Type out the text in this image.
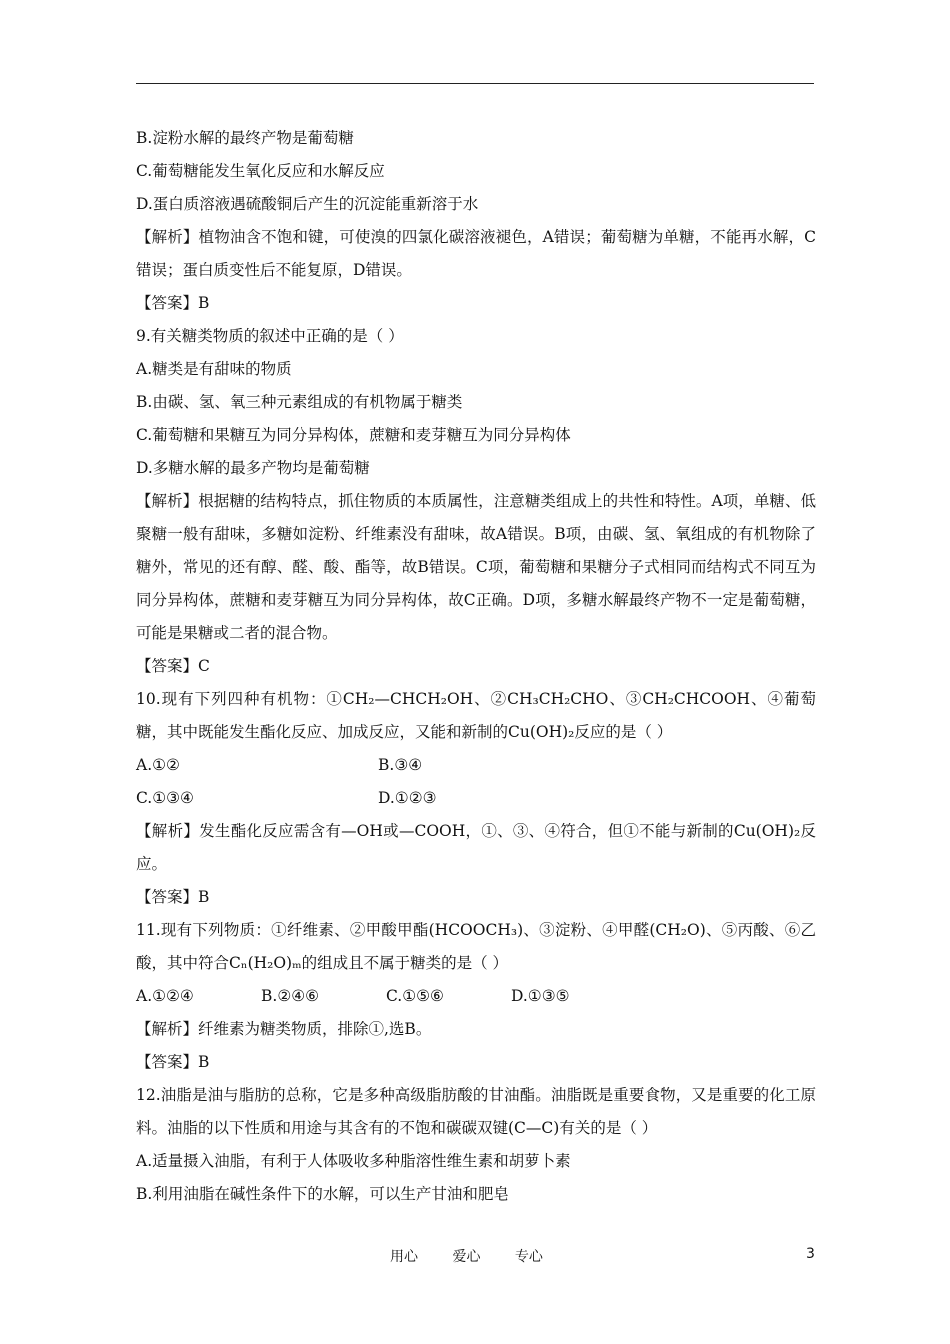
B.淀粉水解的最终产物是葡萄糖
C.葡萄糖能发生氧化反应和水解反应
D.蛋白质溶液遇硫酸铜后产生的沉淀能重新溶于水
【解析】植物油含不饱和键，可使溴的四氯化碳溶液褪色，A错误；葡萄糖为单糖，不能再水解，C错误；蛋白质变性后不能复原，D错误。
【答案】B
9.有关糖类物质的叙述中正确的是（ ）
A.糖类是有甜味的物质
B.由碳、氢、氧三种元素组成的有机物属于糖类
C.葡萄糖和果糖互为同分异构体，蔗糖和麦芽糖互为同分异构体
D.多糖水解的最多产物均是葡萄糖
【解析】根据糖的结构特点，抓住物质的本质属性，注意糖类组成上的共性和特性。A项，单糖、低聚糖一般有甜味，多糖如淀粉、纤维素没有甜味，故A错误。B项，由碳、氢、氧组成的有机物除了糖外，常见的还有醇、醛、酸、酯等，故B错误。C项，葡萄糖和果糖分子式相同而结构式不同互为同分异构体，蔗糖和麦芽糖互为同分异构体，故C正确。D项，多糖水解最终产物不一定是葡萄糖，可能是果糖或二者的混合物。
【答案】C
10.现有下列四种有机物：①CH₂—CHCH₂OH、②CH₃CH₂CHO、③CH₂CHCOOH、④葡萄糖，其中既能发生酯化反应、加成反应，又能和新制的Cu(OH)₂反应的是（ ）
A.①②	B.③④
C.①③④	D.①②③
【解析】发生酯化反应需含有—OH或—COOH，①、③、④符合，但①不能与新制的Cu(OH)₂反应。
【答案】B
11.现有下列物质：①纤维素、②甲酸甲酯(HCOOCH₃)、③淀粉、④甲醛(CH₂O)、⑤丙酸、⑥乙酸，其中符合Cₙ(H₂O)ₘ的组成且不属于糖类的是（ ）
A.①②④	B.②④⑥	C.①⑤⑥	D.①③⑤
【解析】纤维素为糖类物质，排除①,选B。
【答案】B
12.油脂是油与脂肪的总称，它是多种高级脂肪酸的甘油酯。油脂既是重要食物，又是重要的化工原料。油脂的以下性质和用途与其含有的不饱和碳碳双键(C—C)有关的是（ ）
A.适量摄入油脂，有利于人体吸收多种脂溶性维生素和胡萝卜素
B.利用油脂在碱性条件下的水解，可以生产甘油和肥皂
用心 爱心 专心	3
